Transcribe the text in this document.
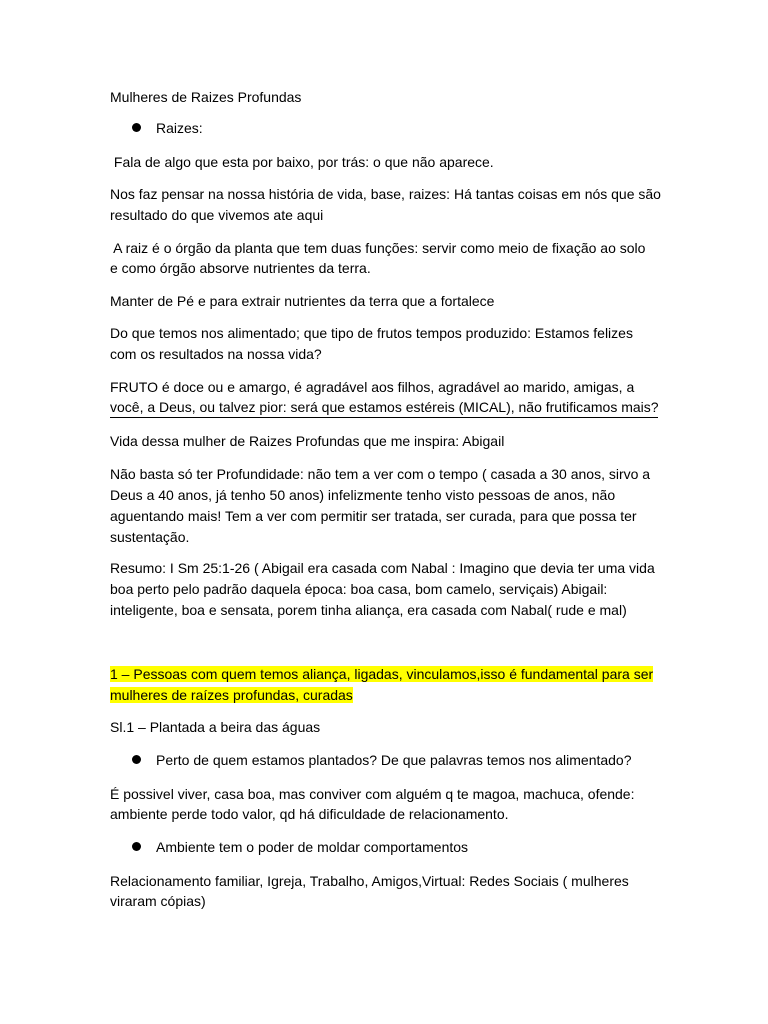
Mulheres de Raizes Profundas
Raizes:
Fala de algo que esta por baixo, por trás: o que não aparece.
Nos faz pensar na nossa história de vida, base, raizes: Há tantas coisas em nós que são
resultado do que vivemos ate aqui
A raiz é o órgão da planta que tem duas funções: servir como meio de fixação ao solo
e como órgão absorve nutrientes da terra.
Manter de Pé e para extrair nutrientes da terra que a fortalece
Do que temos nos alimentado; que tipo de frutos tempos produzido: Estamos felizes
com os resultados na nossa vida?
FRUTO é doce ou e amargo, é agradável aos filhos, agradável ao marido, amigas, a
você, a Deus, ou talvez pior: será que estamos estéreis (MICAL), não frutificamos mais?
Vida dessa mulher de Raizes Profundas que me inspira: Abigail
Não basta só ter Profundidade: não tem a ver com o tempo ( casada a 30 anos, sirvo a
Deus a 40 anos, já tenho 50 anos) infelizmente tenho visto pessoas de anos, não
aguentando mais! Tem a ver com permitir ser tratada, ser curada, para que possa ter
sustentação.
Resumo: I Sm 25:1-26 ( Abigail era casada com Nabal : Imagino que devia ter uma vida
boa perto pelo padrão daquela época: boa casa, bom camelo, serviçais) Abigail:
inteligente, boa e sensata, porem tinha aliança, era casada com Nabal( rude e mal)
1 – Pessoas com quem temos aliança, ligadas, vinculamos,isso é fundamental para ser
mulheres de raízes profundas, curadas
Sl.1 – Plantada a beira das águas
Perto de quem estamos plantados? De que palavras temos nos alimentado?
É possivel viver, casa boa, mas conviver com alguém q te magoa, machuca, ofende:
ambiente perde todo valor, qd há dificuldade de relacionamento.
Ambiente tem o poder de moldar comportamentos
Relacionamento familiar, Igreja, Trabalho, Amigos,Virtual: Redes Sociais ( mulheres
viraram cópias)
